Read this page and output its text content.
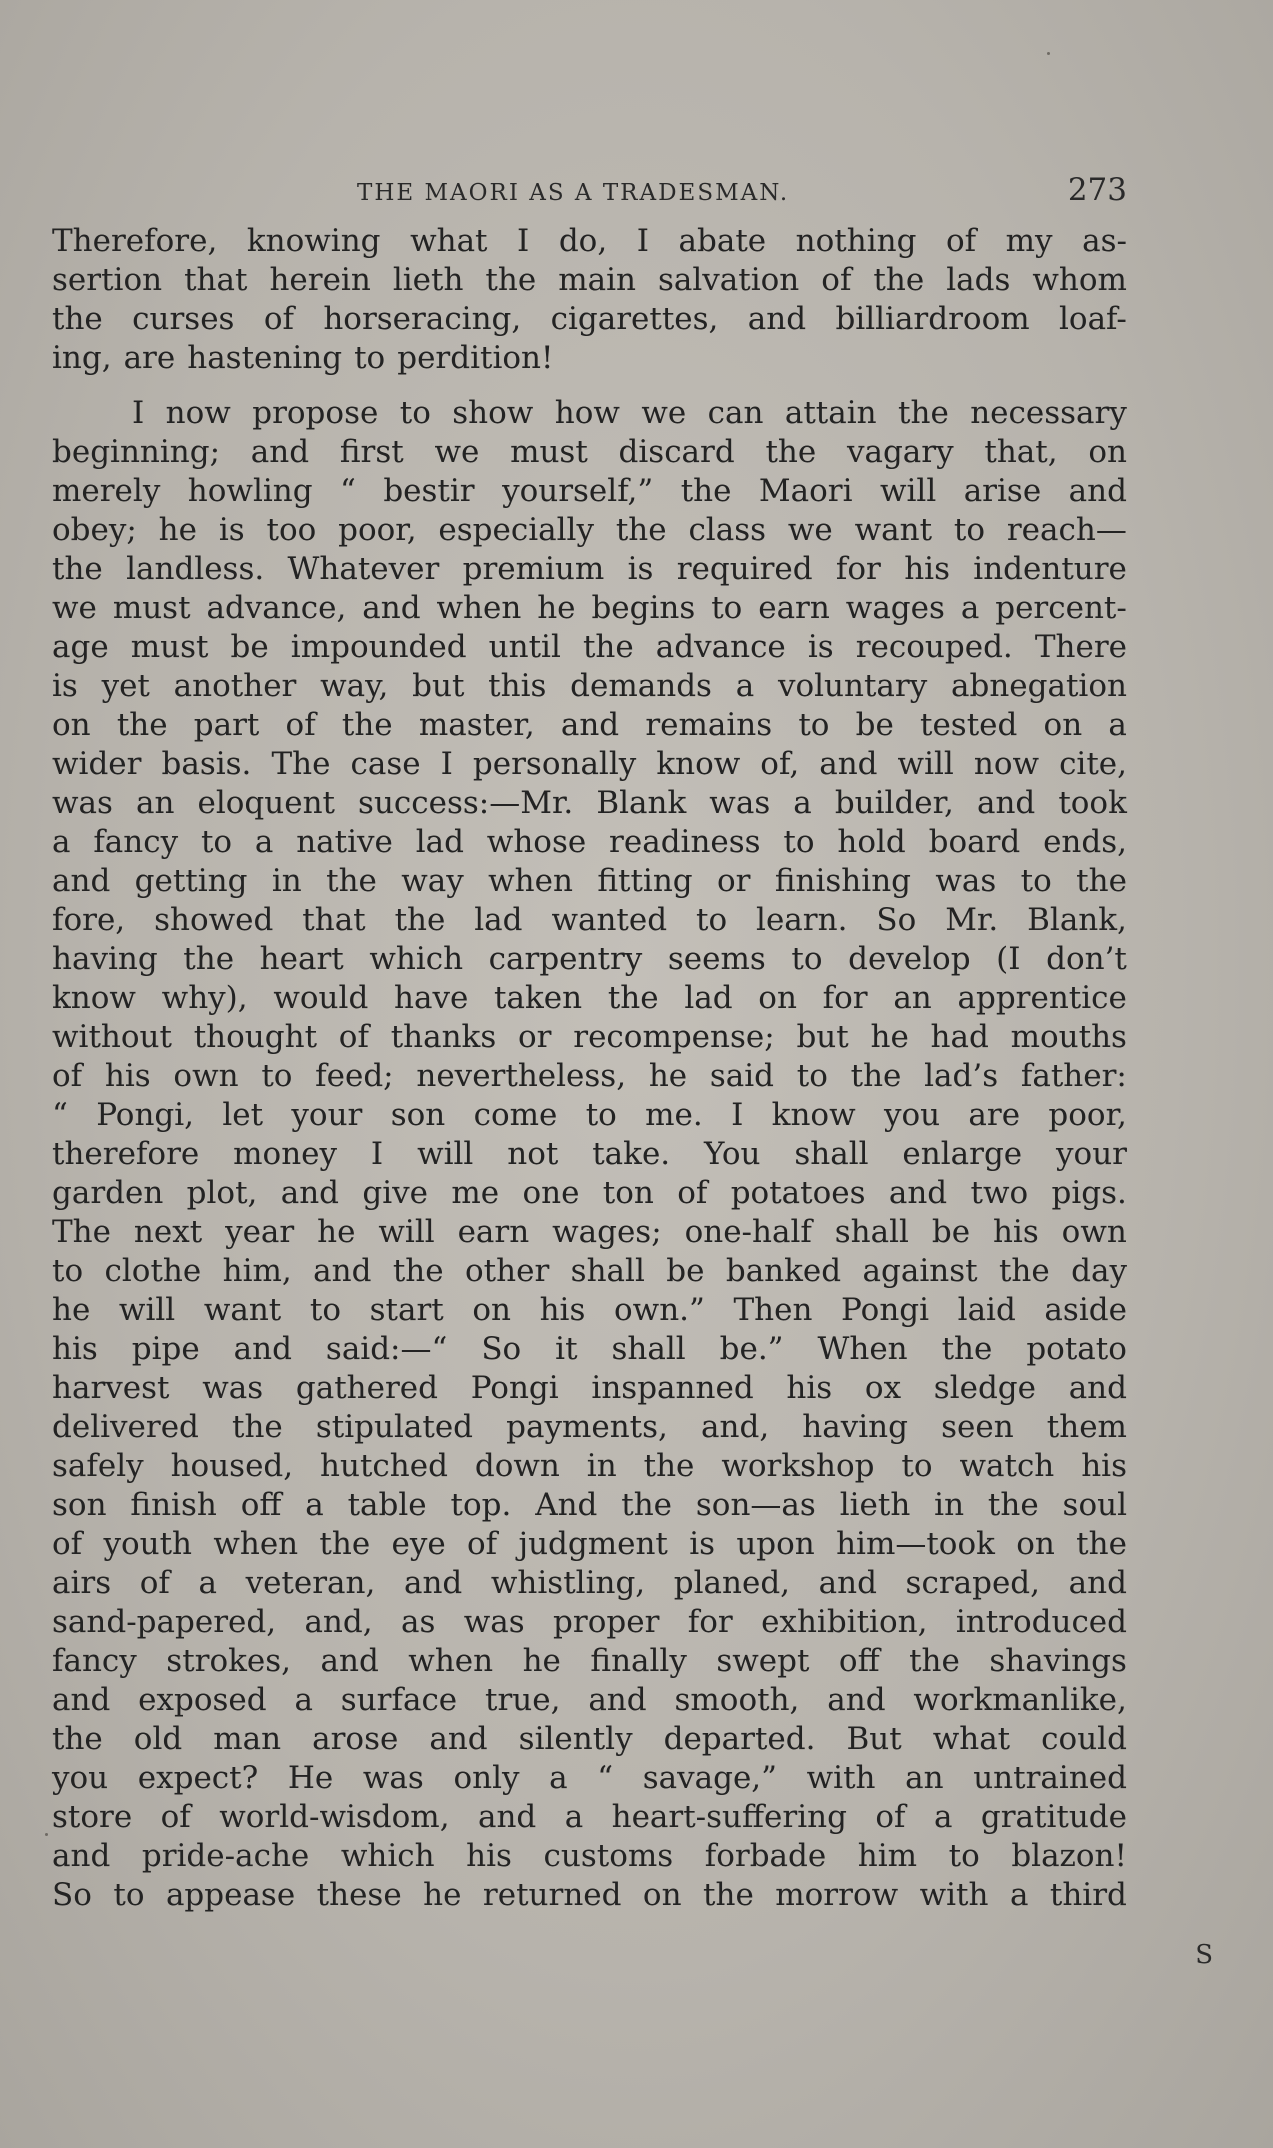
THE MAORI AS A TRADESMAN.	273
Therefore, knowing what I do, I abate nothing of my as-
sertion that herein lieth the main salvation of the lads whom
the curses of horseracing, cigarettes, and billiardroom loaf-
ing, are hastening to perdition!
I now propose to show how we can attain the necessary
beginning; and first we must discard the vagary that, on
merely howling “ bestir yourself,” the Maori will arise and
obey; he is too poor, especially the class we want to reach—
the landless. Whatever premium is required for his indenture
we must advance, and when he begins to earn wages a percent-
age must be impounded until the advance is recouped. There
is yet another way, but this demands a voluntary abnegation
on the part of the master, and remains to be tested on a
wider basis. The case I personally know of, and will now cite,
was an eloquent success:—Mr. Blank was a builder, and took
a fancy to a native lad whose readiness to hold board ends,
and getting in the way when fitting or finishing was to the
fore, showed that the lad wanted to learn. So Mr. Blank,
having the heart which carpentry seems to develop (I don’t
know why), would have taken the lad on for an apprentice
without thought of thanks or recompense; but he had mouths
of his own to feed; nevertheless, he said to the lad’s father:
“ Pongi, let your son come to me. I know you are poor,
therefore money I will not take. You shall enlarge your
garden plot, and give me one ton of potatoes and two pigs.
The next year he will earn wages; one-half shall be his own
to clothe him, and the other shall be banked against the day
he will want to start on his own.” Then Pongi laid aside
his pipe and said:—“ So it shall be.” When the potato
harvest was gathered Pongi inspanned his ox sledge and
delivered the stipulated payments, and, having seen them
safely housed, hutched down in the workshop to watch his
son finish off a table top. And the son—as lieth in the soul
of youth when the eye of judgment is upon him—took on the
airs of a veteran, and whistling, planed, and scraped, and
sand-papered, and, as was proper for exhibition, introduced
fancy strokes, and when he finally swept off the shavings
and exposed a surface true, and smooth, and workmanlike,
the old man arose and silently departed. But what could
you expect? He was only a “ savage,” with an untrained
store of world-wisdom, and a heart-suffering of a gratitude
and pride-ache which his customs forbade him to blazon!
So to appease these he returned on the morrow with a third
S
